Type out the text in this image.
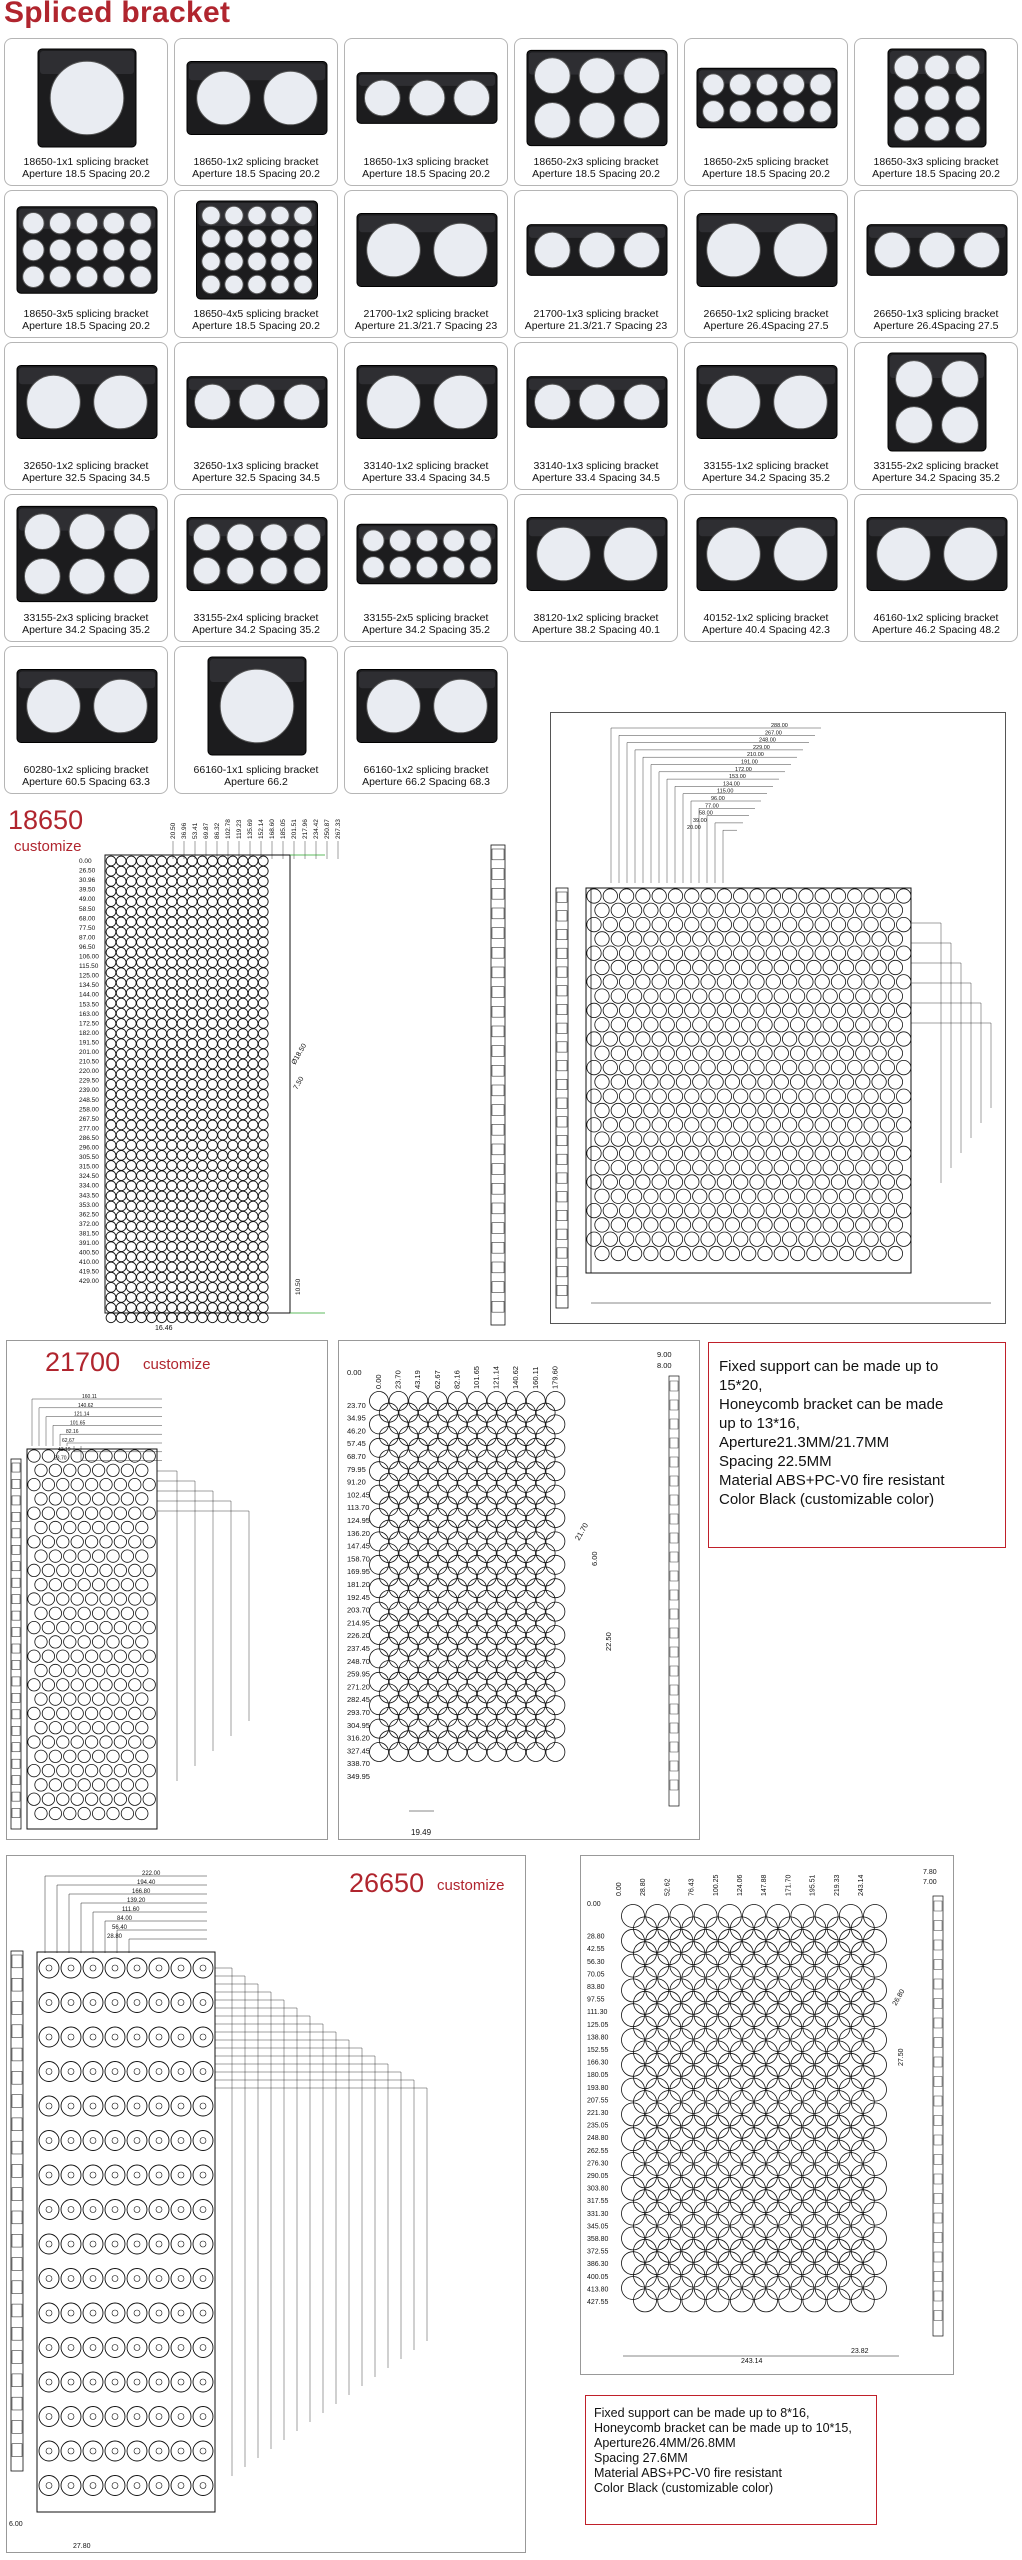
Spliced bracket
18650-1x1 splicing bracket
Aperture 18.5 Spacing 20.2
18650-1x2 splicing bracket
Aperture 18.5 Spacing 20.2
18650-1x3 splicing bracket
Aperture 18.5 Spacing 20.2
18650-2x3 splicing bracket
Aperture 18.5 Spacing 20.2
18650-2x5 splicing bracket
Aperture 18.5 Spacing 20.2
18650-3x3 splicing bracket
Aperture 18.5 Spacing 20.2
18650-3x5 splicing bracket
Aperture 18.5 Spacing 20.2
18650-4x5 splicing bracket
Aperture 18.5 Spacing 20.2
21700-1x2 splicing bracket
Aperture 21.3/21.7 Spacing 23
21700-1x3 splicing bracket
Aperture 21.3/21.7 Spacing 23
26650-1x2 splicing bracket
Aperture 26.4Spacing 27.5
26650-1x3 splicing bracket
Aperture 26.4Spacing 27.5
32650-1x2 splicing bracket
Aperture 32.5 Spacing 34.5
32650-1x3 splicing bracket
Aperture 32.5 Spacing 34.5
33140-1x2 splicing bracket
Aperture 33.4 Spacing 34.5
33140-1x3 splicing bracket
Aperture 33.4 Spacing 34.5
33155-1x2 splicing bracket
Aperture 34.2 Spacing 35.2
33155-2x2 splicing bracket
Aperture 34.2 Spacing 35.2
33155-2x3 splicing bracket
Aperture 34.2 Spacing 35.2
33155-2x4 splicing bracket
Aperture 34.2 Spacing 35.2
33155-2x5 splicing bracket
Aperture 34.2 Spacing 35.2
38120-1x2 splicing bracket
Aperture 38.2 Spacing 40.1
40152-1x2 splicing bracket
Aperture 40.4 Spacing 42.3
46160-1x2 splicing bracket
Aperture 46.2 Spacing 48.2
60280-1x2 splicing bracket
Aperture 60.5 Spacing 63.3
66160-1x1 splicing bracket
Aperture 66.2
66160-1x2 splicing bracket
Aperture 66.2 Spacing 68.3
18650
customize
20.50 36.96 53.41 69.87 86.32 102.78 119.23 135.69 152.14 168.60 185.05 201.51 217.96 234.42 250.87 267.33
0.00
26.50
30.96
39.50
49.00
58.50
68.00
77.50
87.00
96.50
106.00
115.50
125.00
134.50
144.00
153.50
163.00
172.50
182.00
191.50
201.00
210.50
220.00
229.50
239.00
248.50
258.00
267.50
277.00
286.50
296.00
305.50
315.00
324.50
334.00
343.50
353.00
362.50
372.00
381.50
391.00
400.50
410.00
419.50
429.00
Ø18.50
7.50
16.46
10.50
288.00
267.00
248.00
229.00
210.00
191.00
172.00
153.00
134.00
115.00
96.00
77.00
58.00
39.00
20.00
21700 customize
160.11
140.62
121.14
101.65
82.16
62.67
43.19
23.70
0.00 23.70 43.19 62.67 82.16 101.65 121.14 140.62 160.11 179.60
9.00
8.00
0.00
23.70
34.95
46.20
57.45
68.70
79.95
91.20
102.45
113.70
124.95
136.20
147.45
158.70
169.95
181.20
192.45
203.70
214.95
226.20
237.45
248.70
259.95
271.20
282.45
293.70
304.95
316.20
327.45
338.70
349.95
21.70
6.00
22.50
19.49
Fixed support can be made up to
15*20,
Honeycomb bracket can be made
up to 13*16,
Aperture21.3MM/21.7MM
Spacing 22.5MM
Material ABS+PC-V0 fire resistant
Color Black (customizable color)
26650 customize
222.00
194.40
166.80
139.20
111.60
84.00
56.40
28.80
6.00
27.80
0.00 28.80 52.62 76.43 100.25 124.06 147.88 171.70 195.51 219.33 243.14
7.80
7.00
0.00
28.80
42.55
56.30
70.05
83.80
97.55
111.30
125.05
138.80
152.55
166.30
180.05
193.80
207.55
221.30
235.05
248.80
262.55
276.30
290.05
303.80
317.55
331.30
345.05
358.80
372.55
386.30
400.05
413.80
427.55
26.80
27.50
243.14
23.82
Fixed support can be made up to 8*16,
Honeycomb bracket can be made up to 10*15,
Aperture26.4MM/26.8MM
Spacing 27.6MM
Material ABS+PC-V0 fire resistant
Color Black (customizable color)
